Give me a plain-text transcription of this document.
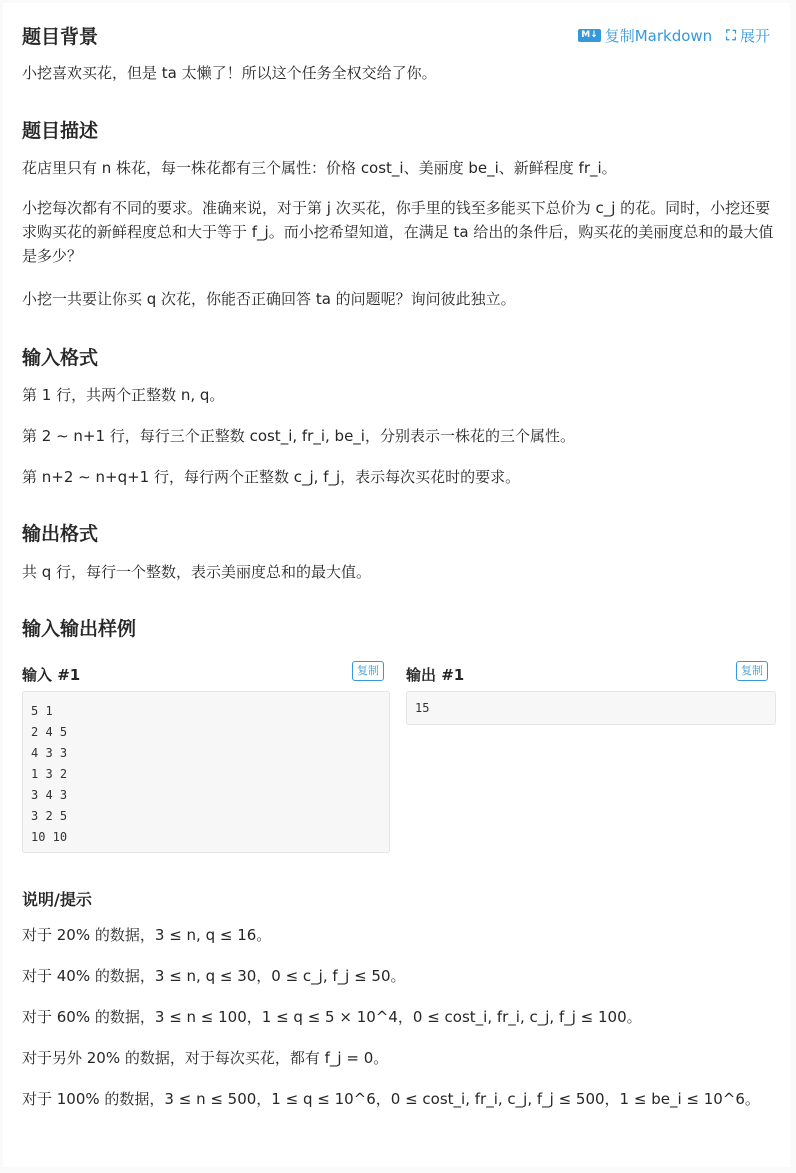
M↓ 复制Markdown ⛶ 展开
题目背景

小挖喜欢买花，但是 ta 太懒了！所以这个任务全权交给了你。

题目描述

花店里只有 n 株花，每一株花都有三个属性：价格 cost_i、美丽度 be_i、新鲜程度 fr_i。

小挖每次都有不同的要求。准确来说，对于第 j 次买花，你手里的钱至多能买下总价为 c_j 的花。同时，小挖还要求购买花的新鲜程度总和大于等于 f_j。而小挖希望知道，在满足 ta 给出的条件后，购买花的美丽度总和的最大值是多少？

小挖一共要让你买 q 次花，你能否正确回答 ta 的问题呢？询问彼此独立。

输入格式

第 1 行，共两个正整数 n, q。

第 2 ∼ n+1 行，每行三个正整数 cost_i, fr_i, be_i，分别表示一株花的三个属性。

第 n+2 ∼ n+q+1 行，每行两个正整数 c_j, f_j，表示每次买花时的要求。

输出格式

共 q 行，每行一个整数，表示美丽度总和的最大值。

输入输出样例
输入 #1	复制
5 1
2 4 5
4 3 3
1 3 2
3 4 3
3 2 5
10 10
输出 #1	复制
15
说明/提示

对于 20% 的数据，3 ≤ n, q ≤ 16。

对于 40% 的数据，3 ≤ n, q ≤ 30，0 ≤ c_j, f_j ≤ 50。

对于 60% 的数据，3 ≤ n ≤ 100，1 ≤ q ≤ 5 × 10^4，0 ≤ cost_i, fr_i, c_j, f_j ≤ 100。

对于另外 20% 的数据，对于每次买花，都有 f_j = 0。

对于 100% 的数据，3 ≤ n ≤ 500，1 ≤ q ≤ 10^6，0 ≤ cost_i, fr_i, c_j, f_j ≤ 500，1 ≤ be_i ≤ 10^6。
